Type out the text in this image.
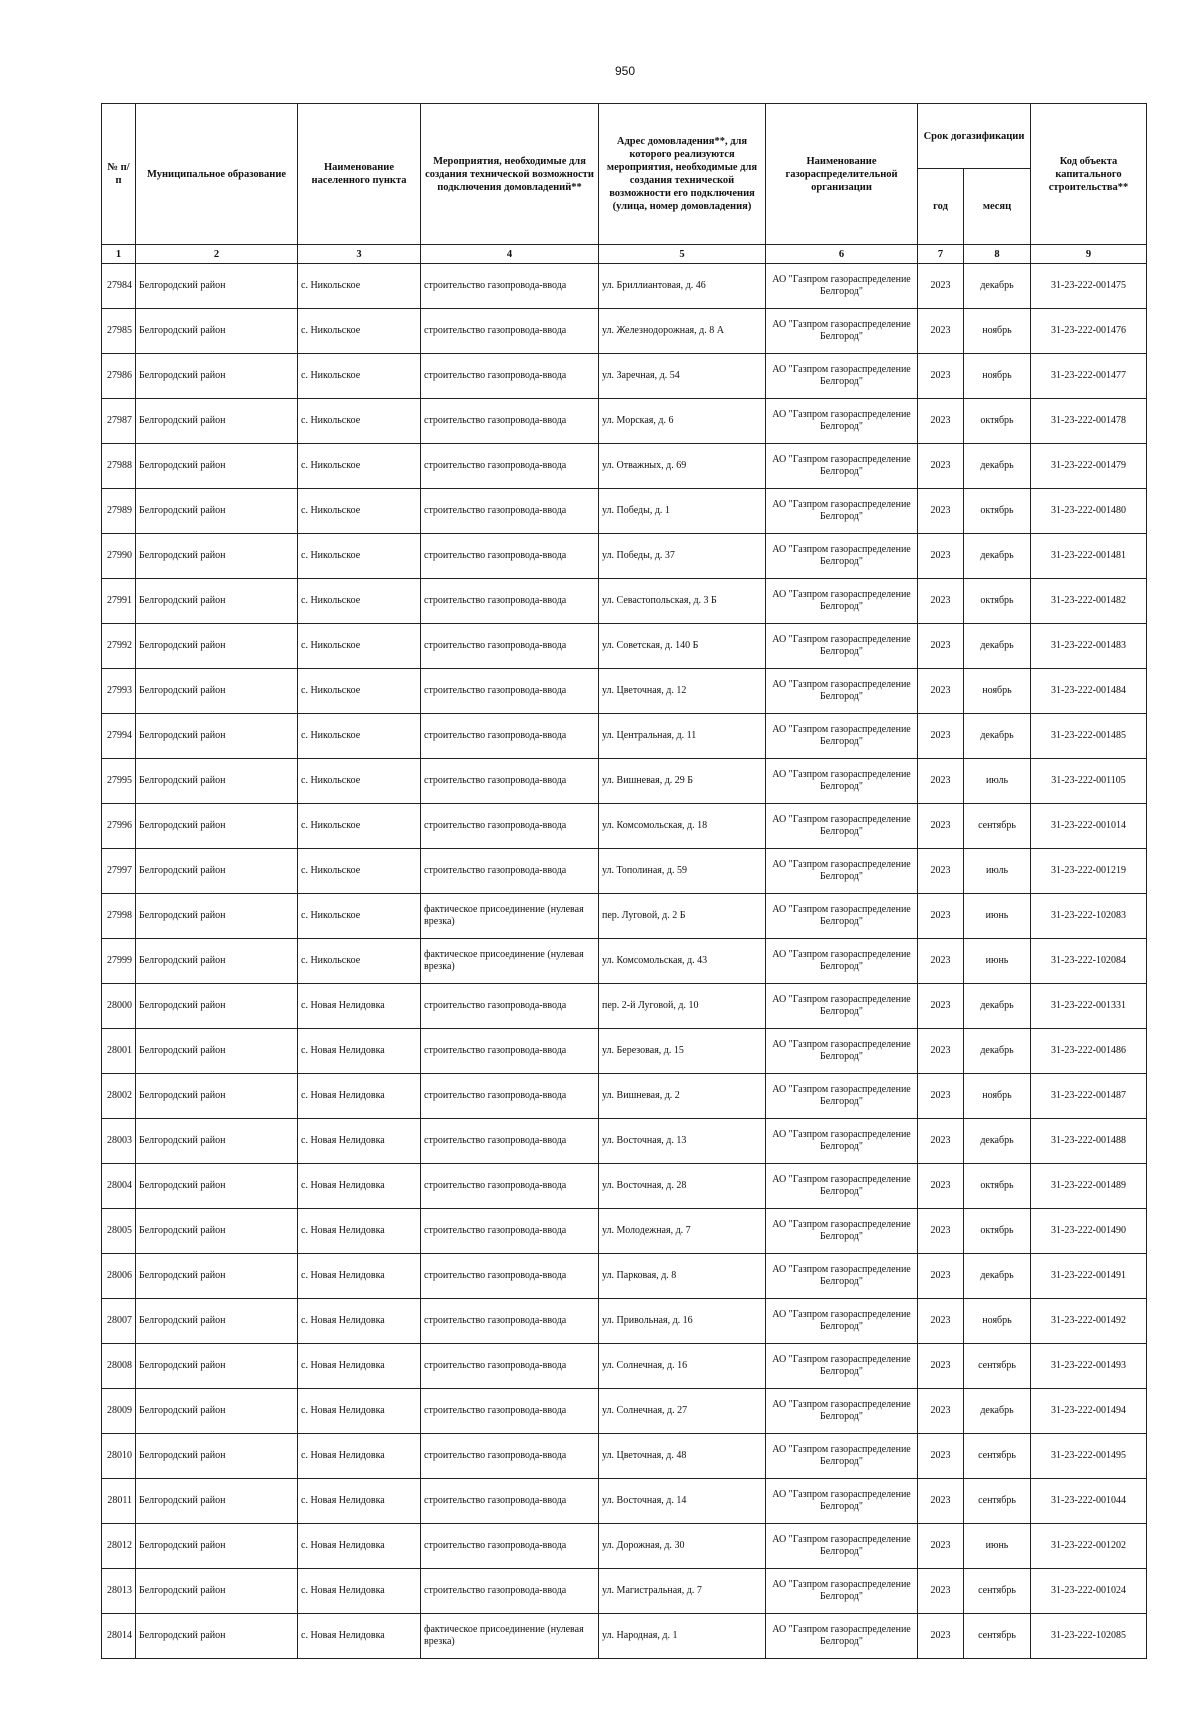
950
№ п/п	Муниципальное образование	Наименование населенного пункта	Мероприятия, необходимые для создания технической возможности подключения домовладений**	Адрес домовладения**, для которого реализуются мероприятия, необходимые для создания технической возможности его подключения (улица, номер домовладения)	Наименование газораспределительной организации	Срок догазификации		Код объекта капитального строительства**
						год	месяц	
1	2	3	4	5	6	7	8	9
27984	Белгородский район	с. Никольское	строительство газопровода-ввода	ул. Бриллиантовая, д. 46	АО "Газпром газораспределение Белгород"	2023	декабрь	31-23-222-001475
27985	Белгородский район	с. Никольское	строительство газопровода-ввода	ул. Железнодорожная, д. 8 А	АО "Газпром газораспределение Белгород"	2023	ноябрь	31-23-222-001476
27986	Белгородский район	с. Никольское	строительство газопровода-ввода	ул. Заречная, д. 54	АО "Газпром газораспределение Белгород"	2023	ноябрь	31-23-222-001477
27987	Белгородский район	с. Никольское	строительство газопровода-ввода	ул. Морская, д. 6	АО "Газпром газораспределение Белгород"	2023	октябрь	31-23-222-001478
27988	Белгородский район	с. Никольское	строительство газопровода-ввода	ул. Отважных, д. 69	АО "Газпром газораспределение Белгород"	2023	декабрь	31-23-222-001479
27989	Белгородский район	с. Никольское	строительство газопровода-ввода	ул. Победы, д. 1	АО "Газпром газораспределение Белгород"	2023	октябрь	31-23-222-001480
27990	Белгородский район	с. Никольское	строительство газопровода-ввода	ул. Победы, д. 37	АО "Газпром газораспределение Белгород"	2023	декабрь	31-23-222-001481
27991	Белгородский район	с. Никольское	строительство газопровода-ввода	ул. Севастопольская, д. 3 Б	АО "Газпром газораспределение Белгород"	2023	октябрь	31-23-222-001482
27992	Белгородский район	с. Никольское	строительство газопровода-ввода	ул. Советская, д. 140 Б	АО "Газпром газораспределение Белгород"	2023	декабрь	31-23-222-001483
27993	Белгородский район	с. Никольское	строительство газопровода-ввода	ул. Цветочная, д. 12	АО "Газпром газораспределение Белгород"	2023	ноябрь	31-23-222-001484
27994	Белгородский район	с. Никольское	строительство газопровода-ввода	ул. Центральная, д. 11	АО "Газпром газораспределение Белгород"	2023	декабрь	31-23-222-001485
27995	Белгородский район	с. Никольское	строительство газопровода-ввода	ул. Вишневая, д. 29 Б	АО "Газпром газораспределение Белгород"	2023	июль	31-23-222-001105
27996	Белгородский район	с. Никольское	строительство газопровода-ввода	ул. Комсомольская, д. 18	АО "Газпром газораспределение Белгород"	2023	сентябрь	31-23-222-001014
27997	Белгородский район	с. Никольское	строительство газопровода-ввода	ул. Тополиная, д. 59	АО "Газпром газораспределение Белгород"	2023	июль	31-23-222-001219
27998	Белгородский район	с. Никольское	фактическое присоединение (нулевая врезка)	пер. Луговой, д. 2 Б	АО "Газпром газораспределение Белгород"	2023	июнь	31-23-222-102083
27999	Белгородский район	с. Никольское	фактическое присоединение (нулевая врезка)	ул. Комсомольская, д. 43	АО "Газпром газораспределение Белгород"	2023	июнь	31-23-222-102084
28000	Белгородский район	с. Новая Нелидовка	строительство газопровода-ввода	пер. 2-й Луговой, д. 10	АО "Газпром газораспределение Белгород"	2023	декабрь	31-23-222-001331
28001	Белгородский район	с. Новая Нелидовка	строительство газопровода-ввода	ул. Березовая, д. 15	АО "Газпром газораспределение Белгород"	2023	декабрь	31-23-222-001486
28002	Белгородский район	с. Новая Нелидовка	строительство газопровода-ввода	ул. Вишневая, д. 2	АО "Газпром газораспределение Белгород"	2023	ноябрь	31-23-222-001487
28003	Белгородский район	с. Новая Нелидовка	строительство газопровода-ввода	ул. Восточная, д. 13	АО "Газпром газораспределение Белгород"	2023	декабрь	31-23-222-001488
28004	Белгородский район	с. Новая Нелидовка	строительство газопровода-ввода	ул. Восточная, д. 28	АО "Газпром газораспределение Белгород"	2023	октябрь	31-23-222-001489
28005	Белгородский район	с. Новая Нелидовка	строительство газопровода-ввода	ул. Молодежная, д. 7	АО "Газпром газораспределение Белгород"	2023	октябрь	31-23-222-001490
28006	Белгородский район	с. Новая Нелидовка	строительство газопровода-ввода	ул. Парковая, д. 8	АО "Газпром газораспределение Белгород"	2023	декабрь	31-23-222-001491
28007	Белгородский район	с. Новая Нелидовка	строительство газопровода-ввода	ул. Привольная, д. 16	АО "Газпром газораспределение Белгород"	2023	ноябрь	31-23-222-001492
28008	Белгородский район	с. Новая Нелидовка	строительство газопровода-ввода	ул. Солнечная, д. 16	АО "Газпром газораспределение Белгород"	2023	сентябрь	31-23-222-001493
28009	Белгородский район	с. Новая Нелидовка	строительство газопровода-ввода	ул. Солнечная, д. 27	АО "Газпром газораспределение Белгород"	2023	декабрь	31-23-222-001494
28010	Белгородский район	с. Новая Нелидовка	строительство газопровода-ввода	ул. Цветочная, д. 48	АО "Газпром газораспределение Белгород"	2023	сентябрь	31-23-222-001495
28011	Белгородский район	с. Новая Нелидовка	строительство газопровода-ввода	ул. Восточная, д. 14	АО "Газпром газораспределение Белгород"	2023	сентябрь	31-23-222-001044
28012	Белгородский район	с. Новая Нелидовка	строительство газопровода-ввода	ул. Дорожная, д. 30	АО "Газпром газораспределение Белгород"	2023	июнь	31-23-222-001202
28013	Белгородский район	с. Новая Нелидовка	строительство газопровода-ввода	ул. Магистральная, д. 7	АО "Газпром газораспределение Белгород"	2023	сентябрь	31-23-222-001024
28014	Белгородский район	с. Новая Нелидовка	фактическое присоединение (нулевая врезка)	ул. Народная, д. 1	АО "Газпром газораспределение Белгород"	2023	сентябрь	31-23-222-102085
